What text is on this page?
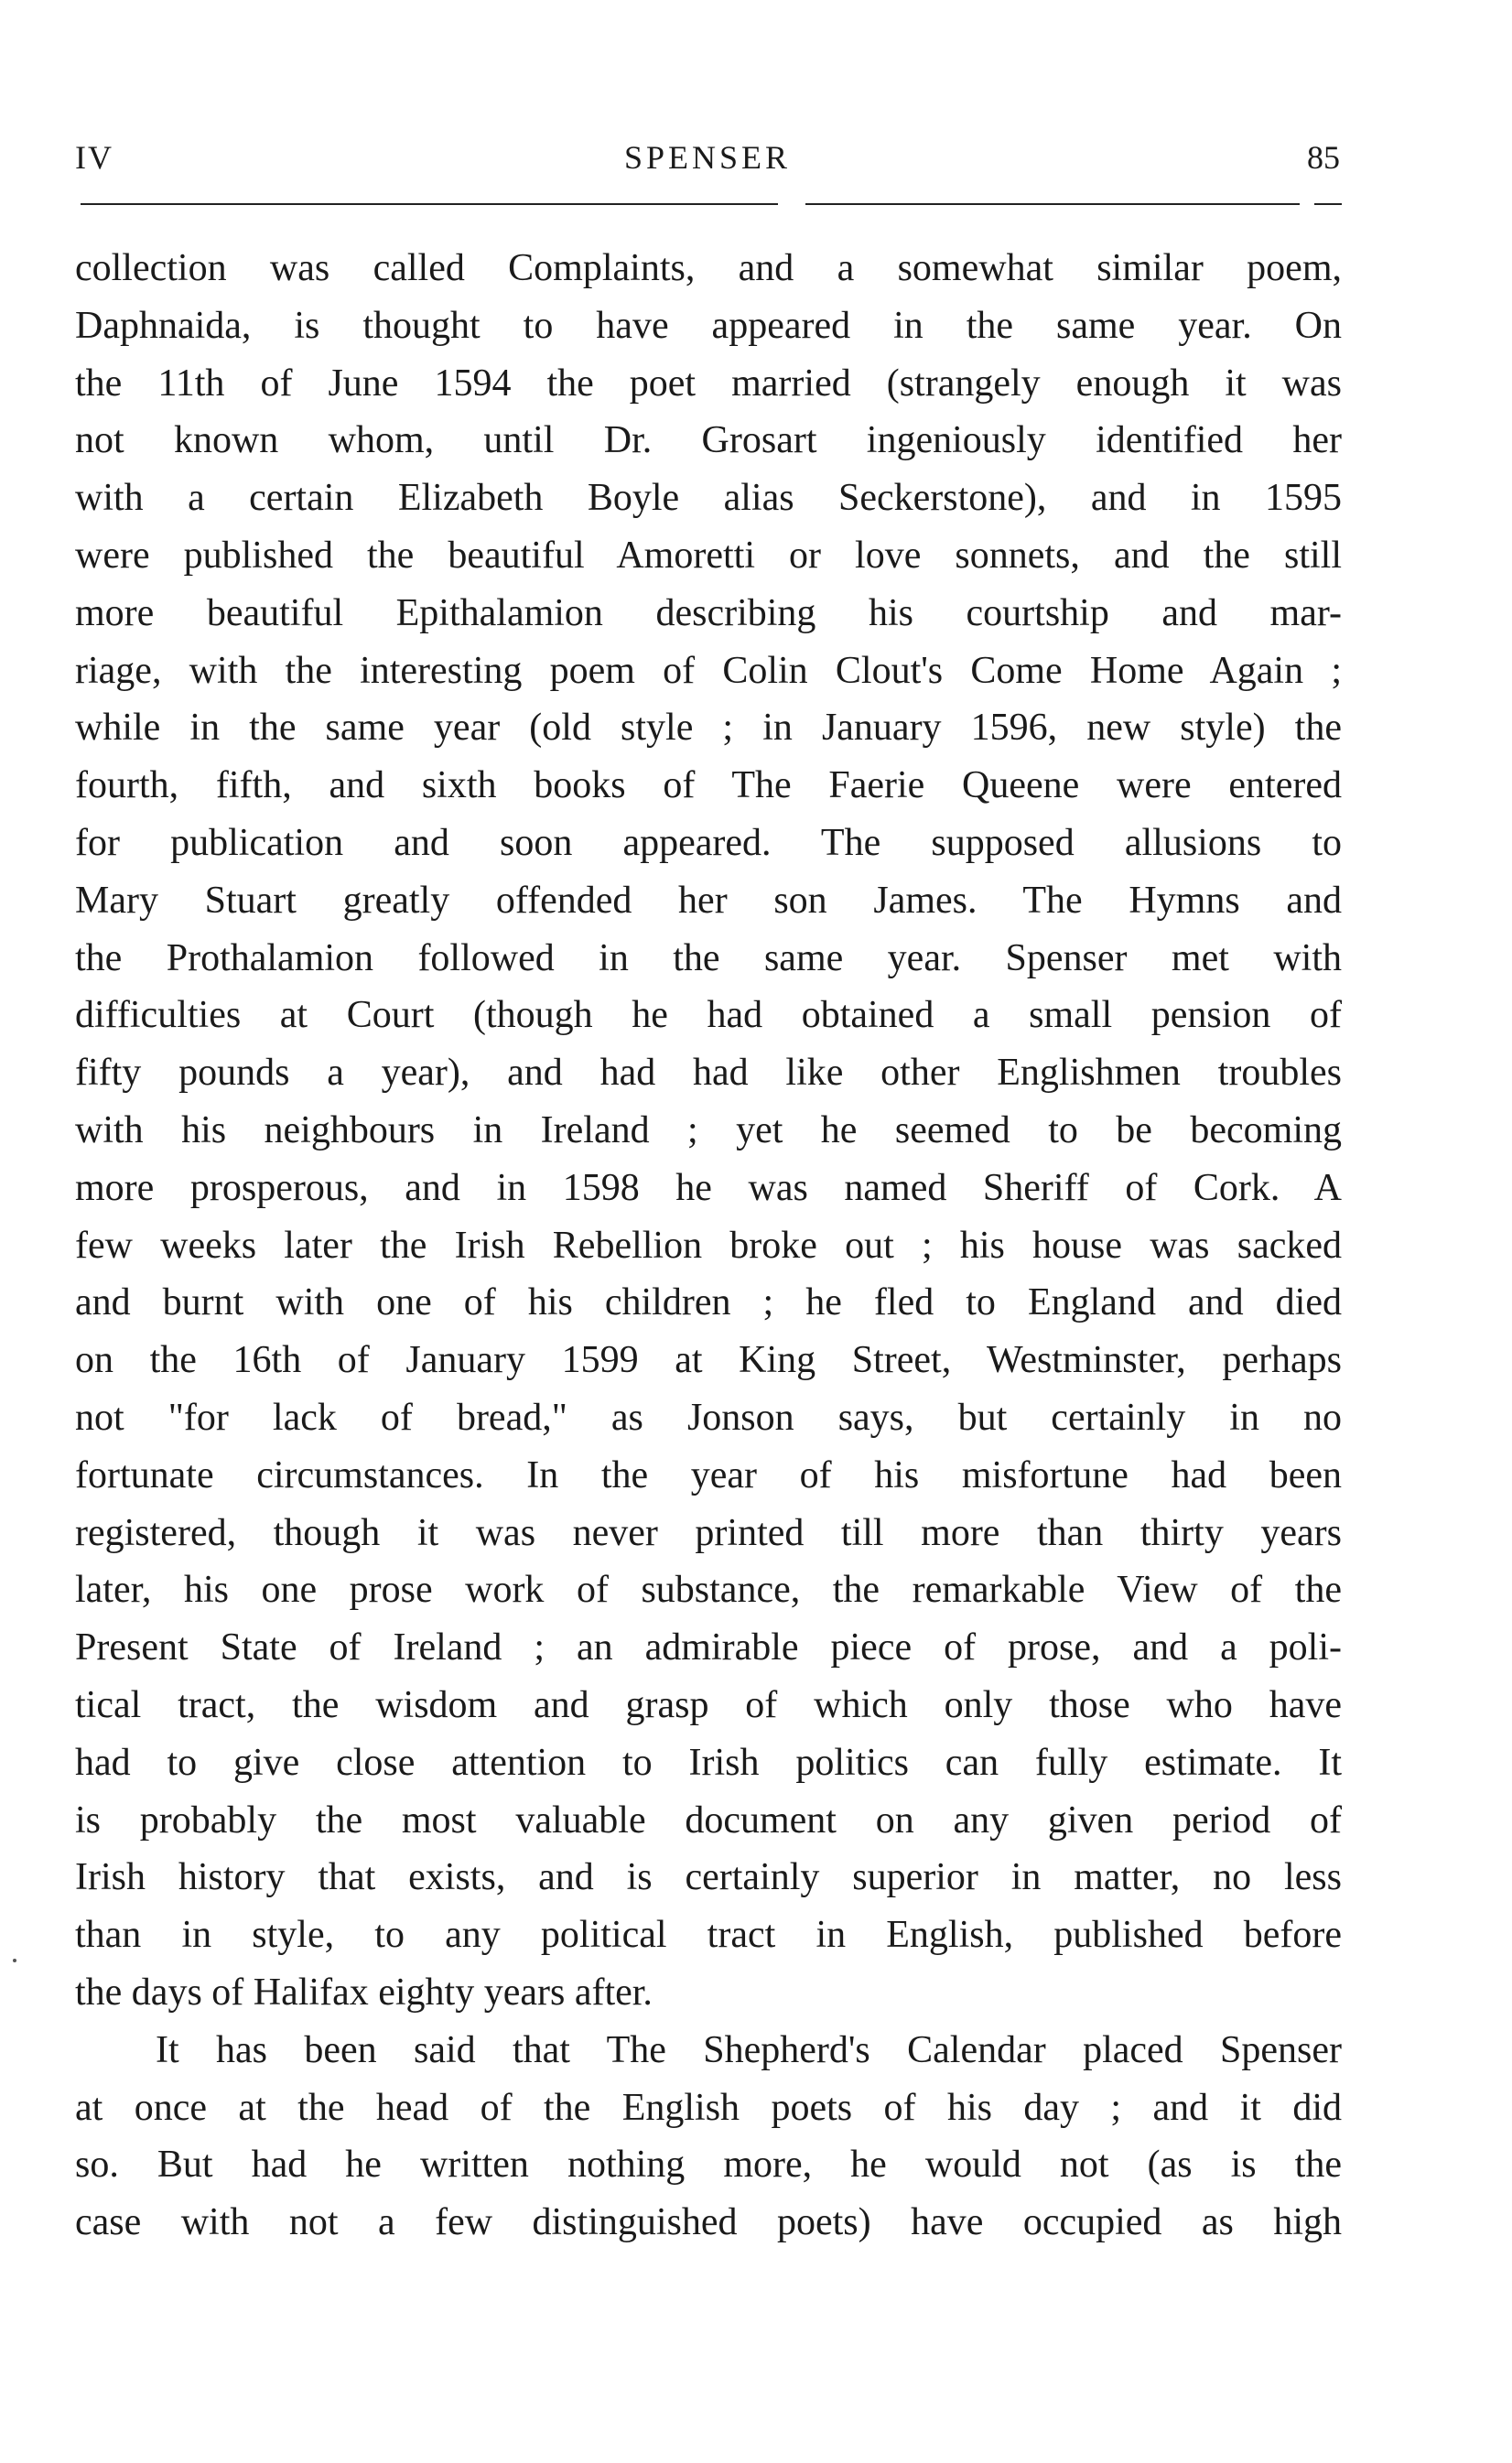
IV	SPENSER	85
collection was called Complaints, and a somewhat similar poem,
Daphnaida, is thought to have appeared in the same year. On
the 11th of June 1594 the poet married (strangely enough it was
not known whom, until Dr. Grosart ingeniously identified her
with a certain Elizabeth Boyle alias Seckerstone), and in 1595
were published the beautiful Amoretti or love sonnets, and the still
more beautiful Epithalamion describing his courtship and mar-
riage, with the interesting poem of Colin Clout's Come Home Again ;
while in the same year (old style ; in January 1596, new style) the
fourth, fifth, and sixth books of The Faerie Queene were entered
for publication and soon appeared. The supposed allusions to
Mary Stuart greatly offended her son James. The Hymns and
the Prothalamion followed in the same year. Spenser met with
difficulties at Court (though he had obtained a small pension of
fifty pounds a year), and had had like other Englishmen troubles
with his neighbours in Ireland ; yet he seemed to be becoming
more prosperous, and in 1598 he was named Sheriff of Cork. A
few weeks later the Irish Rebellion broke out ; his house was sacked
and burnt with one of his children ; he fled to England and died
on the 16th of January 1599 at King Street, Westminster, perhaps
not "for lack of bread," as Jonson says, but certainly in no
fortunate circumstances. In the year of his misfortune had been
registered, though it was never printed till more than thirty years
later, his one prose work of substance, the remarkable View of the
Present State of Ireland ; an admirable piece of prose, and a poli-
tical tract, the wisdom and grasp of which only those who have
had to give close attention to Irish politics can fully estimate. It
is probably the most valuable document on any given period of
Irish history that exists, and is certainly superior in matter, no less
than in style, to any political tract in English, published before
the days of Halifax eighty years after.
It has been said that The Shepherd's Calendar placed Spenser
at once at the head of the English poets of his day ; and it did
so. But had he written nothing more, he would not (as is the
case with not a few distinguished poets) have occupied as high
